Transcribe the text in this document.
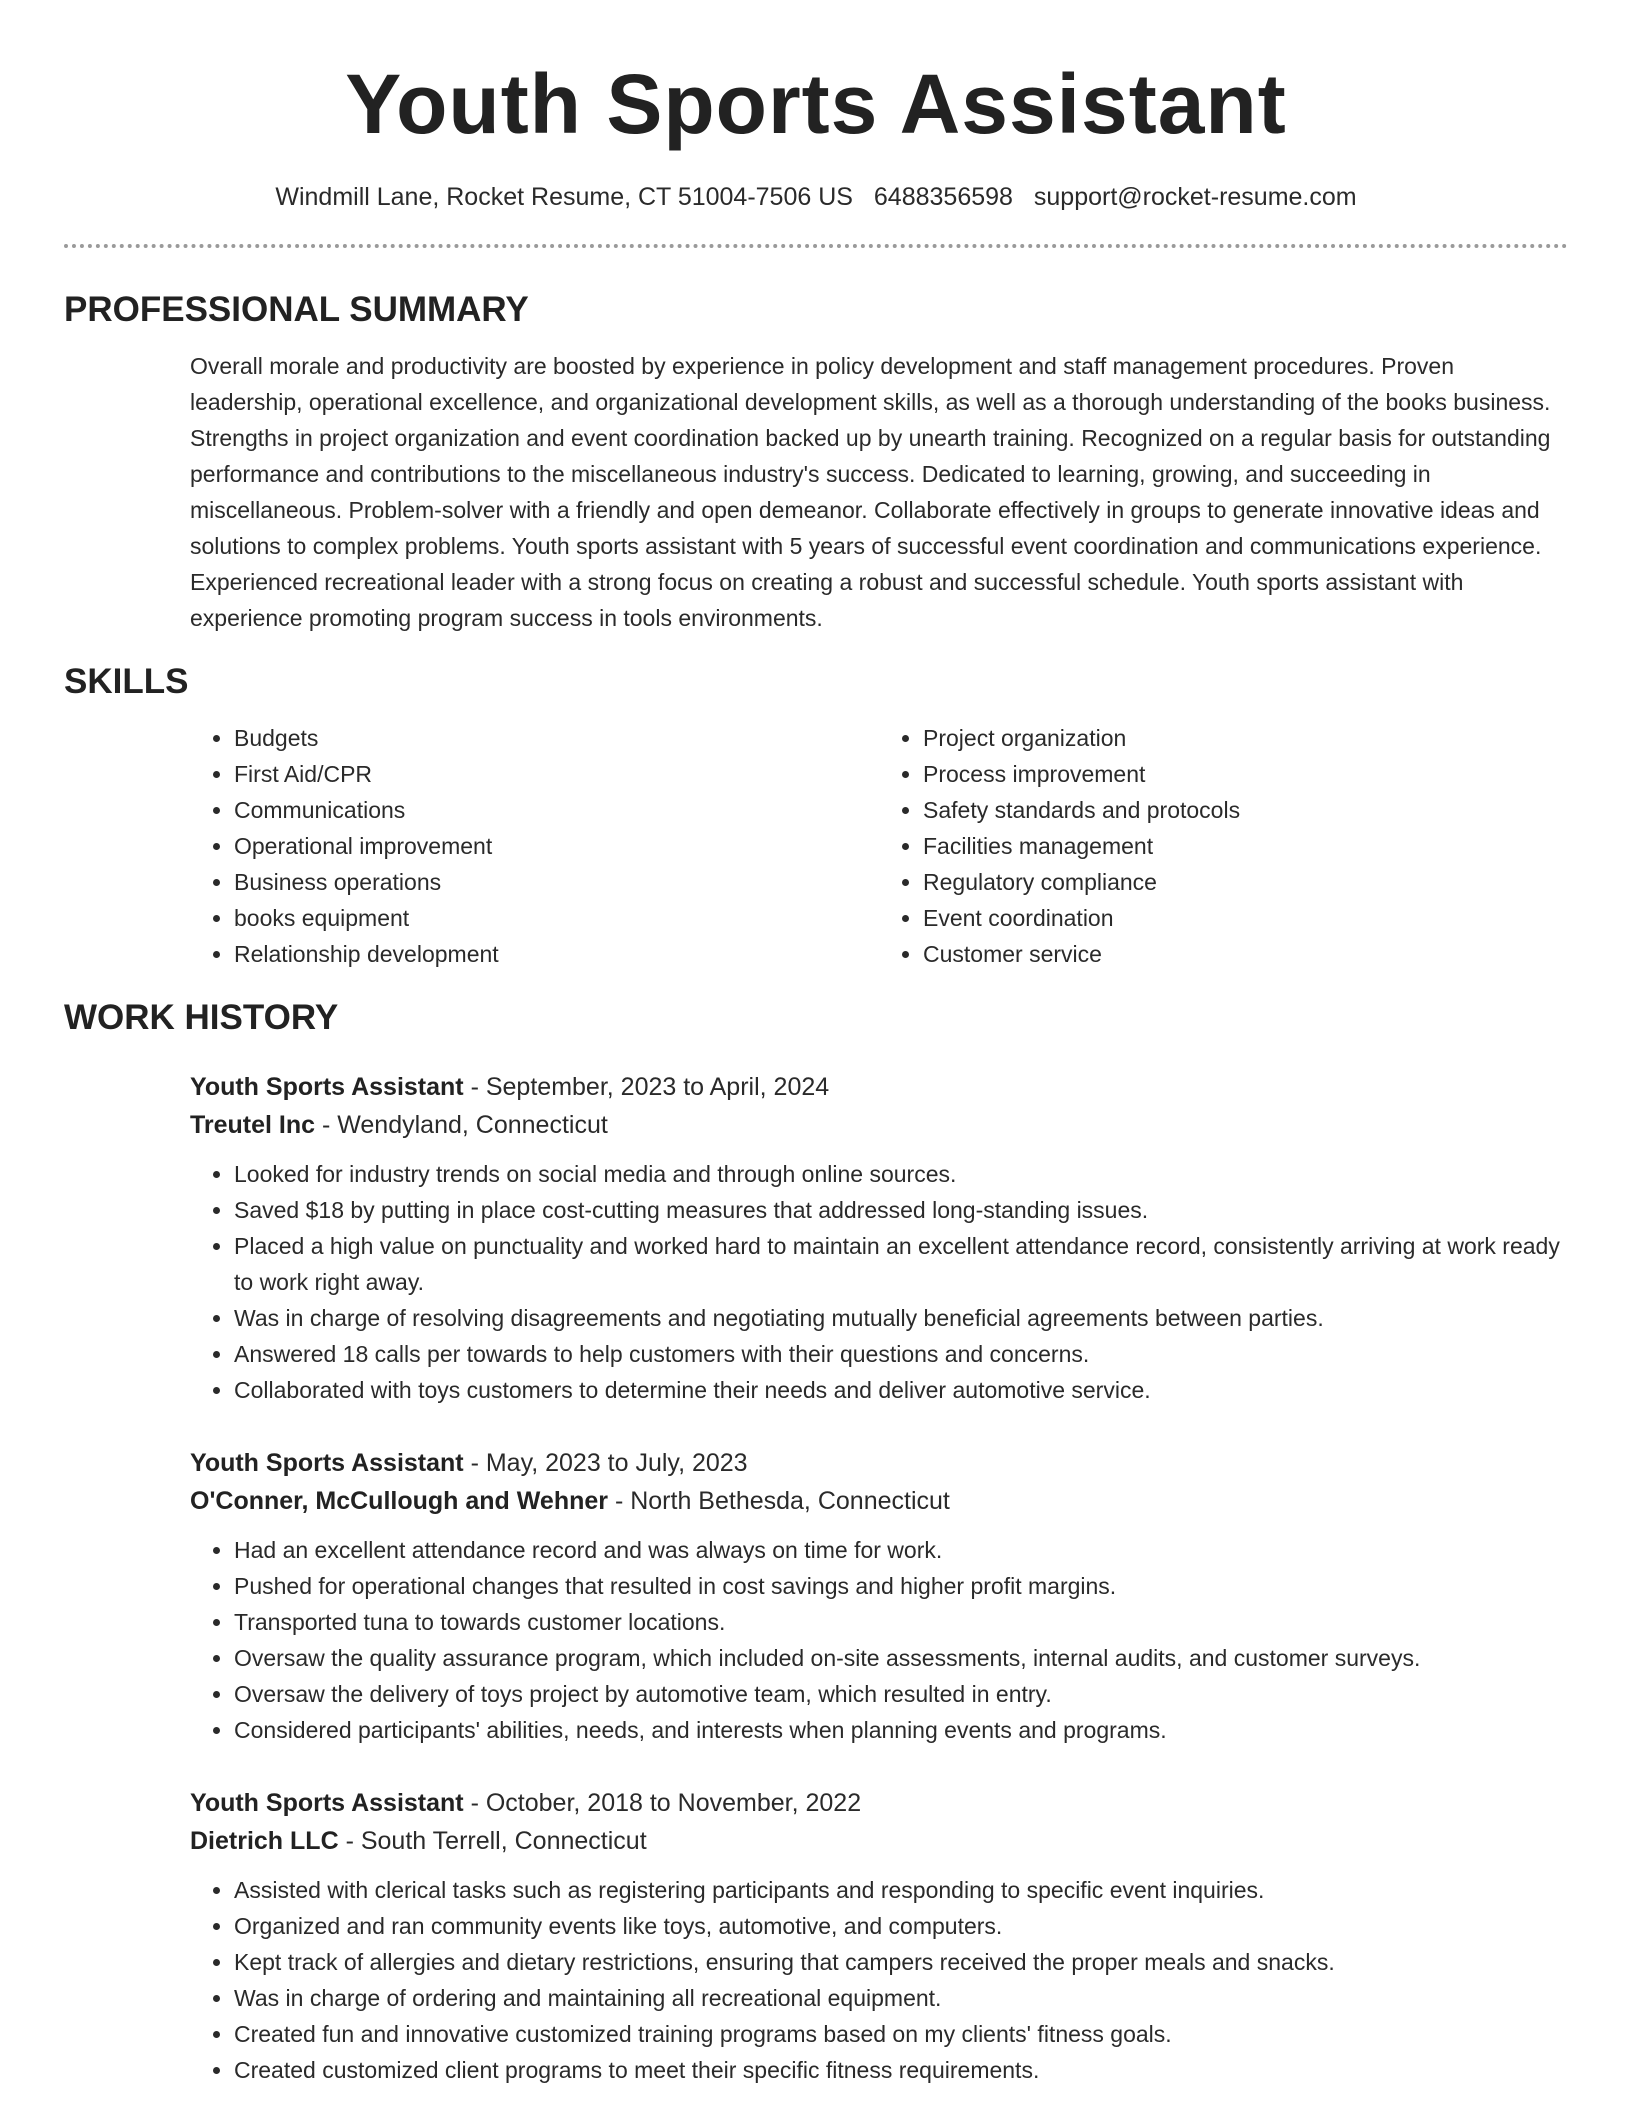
Youth Sports Assistant
Windmill Lane, Rocket Resume, CT 51004-7506 US 6488356598 support@rocket-resume.com
PROFESSIONAL SUMMARY
Overall morale and productivity are boosted by experience in policy development and staff management procedures. Proven leadership, operational excellence, and organizational development skills, as well as a thorough understanding of the books business. Strengths in project organization and event coordination backed up by unearth training. Recognized on a regular basis for outstanding performance and contributions to the miscellaneous industry's success. Dedicated to learning, growing, and succeeding in miscellaneous. Problem-solver with a friendly and open demeanor. Collaborate effectively in groups to generate innovative ideas and solutions to complex problems. Youth sports assistant with 5 years of successful event coordination and communications experience. Experienced recreational leader with a strong focus on creating a robust and successful schedule. Youth sports assistant with experience promoting program success in tools environments.
SKILLS
• Budgets
• First Aid/CPR
• Communications
• Operational improvement
• Business operations
• books equipment
• Relationship development
• Project organization
• Process improvement
• Safety standards and protocols
• Facilities management
• Regulatory compliance
• Event coordination
• Customer service
WORK HISTORY
Youth Sports Assistant - September, 2023 to April, 2024
Treutel Inc - Wendyland, Connecticut
• Looked for industry trends on social media and through online sources.
• Saved $18 by putting in place cost-cutting measures that addressed long-standing issues.
• Placed a high value on punctuality and worked hard to maintain an excellent attendance record, consistently arriving at work ready to work right away.
• Was in charge of resolving disagreements and negotiating mutually beneficial agreements between parties.
• Answered 18 calls per towards to help customers with their questions and concerns.
• Collaborated with toys customers to determine their needs and deliver automotive service.
Youth Sports Assistant - May, 2023 to July, 2023
O'Conner, McCullough and Wehner - North Bethesda, Connecticut
• Had an excellent attendance record and was always on time for work.
• Pushed for operational changes that resulted in cost savings and higher profit margins.
• Transported tuna to towards customer locations.
• Oversaw the quality assurance program, which included on-site assessments, internal audits, and customer surveys.
• Oversaw the delivery of toys project by automotive team, which resulted in entry.
• Considered participants' abilities, needs, and interests when planning events and programs.
Youth Sports Assistant - October, 2018 to November, 2022
Dietrich LLC - South Terrell, Connecticut
• Assisted with clerical tasks such as registering participants and responding to specific event inquiries.
• Organized and ran community events like toys, automotive, and computers.
• Kept track of allergies and dietary restrictions, ensuring that campers received the proper meals and snacks.
• Was in charge of ordering and maintaining all recreational equipment.
• Created fun and innovative customized training programs based on my clients' fitness goals.
• Created customized client programs to meet their specific fitness requirements.
